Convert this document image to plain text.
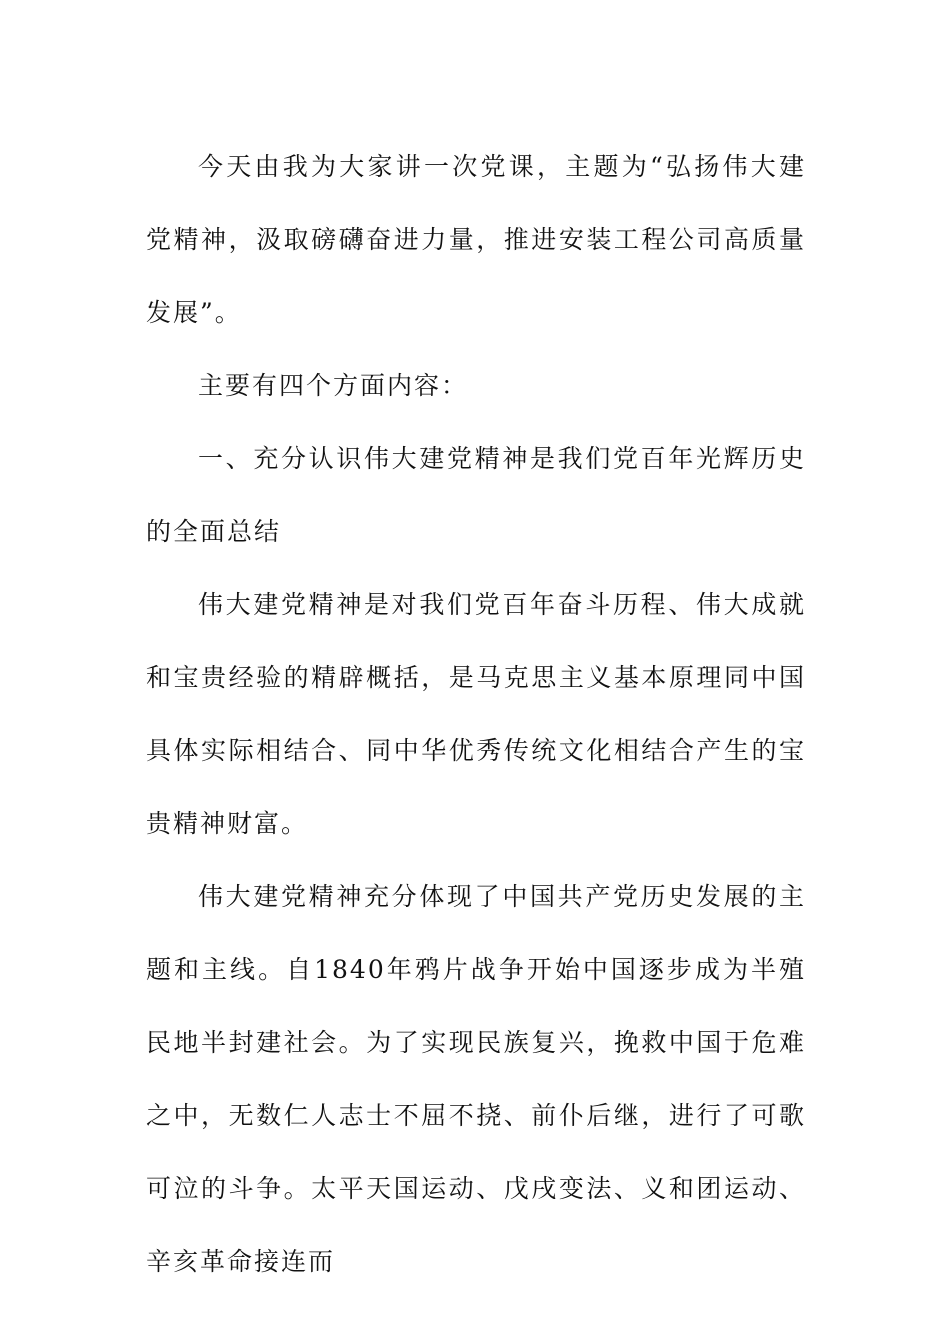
今天由我为大家讲一次党课，主题为“弘扬伟大建党精神，汲取磅礴奋进力量，推进安装工程公司高质量发展”。

主要有四个方面内容：

一、充分认识伟大建党精神是我们党百年光辉历史的全面总结

伟大建党精神是对我们党百年奋斗历程、伟大成就和宝贵经验的精辟概括，是马克思主义基本原理同中国具体实际相结合、同中华优秀传统文化相结合产生的宝贵精神财富。

伟大建党精神充分体现了中国共产党历史发展的主题和主线。自1840年鸦片战争开始中国逐步成为半殖民地半封建社会。为了实现民族复兴，挽救中国于危难之中，无数仁人志士不屈不挠、前仆后继，进行了可歌可泣的斗争。太平天国运动、戊戌变法、义和团运动、辛亥革命接连而
